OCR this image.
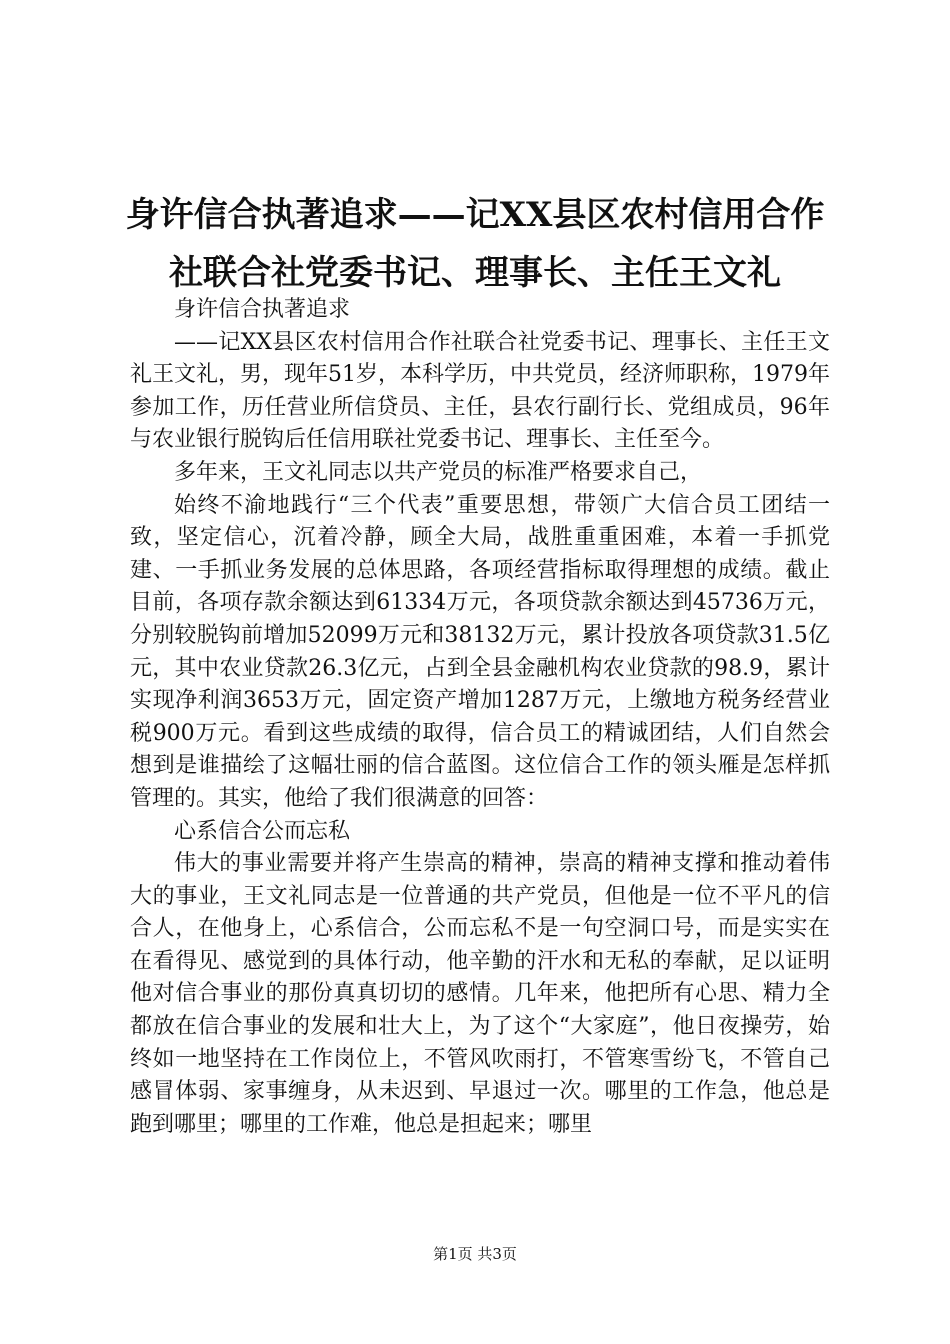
身许信合执著追求——记XX县区农村信用合作社联合社党委书记、理事长、主任王文礼

身许信合执著追求

——记XX县区农村信用合作社联合社党委书记、理事长、主任王文礼王文礼，男，现年51岁，本科学历，中共党员，经济师职称，1979年参加工作，历任营业所信贷员、主任，县农行副行长、党组成员，96年与农业银行脱钩后任信用联社党委书记、理事长、主任至今。

多年来，王文礼同志以共产党员的标准严格要求自己，

始终不渝地践行“三个代表”重要思想，带领广大信合员工团结一致，坚定信心，沉着冷静，顾全大局，战胜重重困难，本着一手抓党建、一手抓业务发展的总体思路，各项经营指标取得理想的成绩。截止目前，各项存款余额达到61334万元，各项贷款余额达到45736万元，分别较脱钩前增加52099万元和38132万元，累计投放各项贷款31.5亿元，其中农业贷款26.3亿元，占到全县金融机构农业贷款的98.9，累计实现净利润3653万元，固定资产增加1287万元，上缴地方税务经营业税900万元。看到这些成绩的取得，信合员工的精诚团结，人们自然会想到是谁描绘了这幅壮丽的信合蓝图。这位信合工作的领头雁是怎样抓管理的。其实，他给了我们很满意的回答：

心系信合公而忘私

伟大的事业需要并将产生崇高的精神，崇高的精神支撑和推动着伟大的事业，王文礼同志是一位普通的共产党员，但他是一位不平凡的信合人，在他身上，心系信合，公而忘私不是一句空洞口号，而是实实在在看得见、感觉到的具体行动，他辛勤的汗水和无私的奉献，足以证明他对信合事业的那份真真切切的感情。几年来，他把所有心思、精力全都放在信合事业的发展和壮大上，为了这个“大家庭”，他日夜操劳，始终如一地坚持在工作岗位上，不管风吹雨打，不管寒雪纷飞，不管自己感冒体弱、家事缠身，从未迟到、早退过一次。哪里的工作急，他总是跑到哪里；哪里的工作难，他总是担起来；哪里

第1页 共3页
